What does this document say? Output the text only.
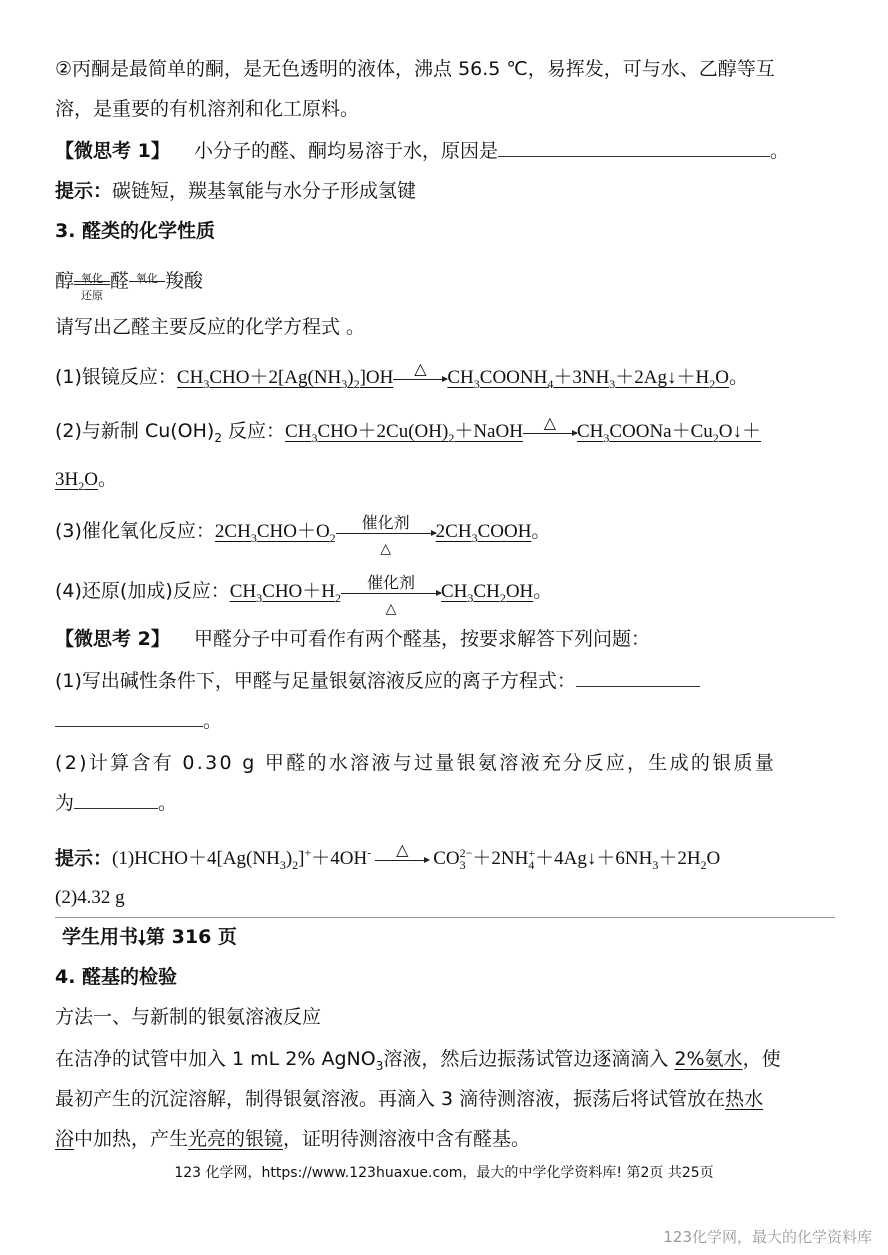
②丙酮是最简单的酮，是无色透明的液体，沸点 56.5 ℃，易挥发，可与水、乙醇等互
溶，是重要的有机溶剂和化工原料。
【微思考 1】 小分子的醛、酮均易溶于水，原因是	。
提示：碳链短，羰基氧能与水分子形成氢键
3. 醛类的化学性质
醇 氧化
还原
醛 氧化 羧酸
请写出乙醛主要反应的化学方程式 。
(1)银镜反应：$CH_3CHO+2[Ag(NH_3)_2]OH$	△	$CH_3COONH_4+3NH_3+2Ag↓+H_2O$。
(2)与新制 $Cu(OH)_2$ 反应：$CH_3CHO+2Cu(OH)_2+NaOH$	△	$CH_3COONa+Cu_2O↓+$
$3H_2O$。
(3)催化氧化反应：$2CH_3CHO+O_2$
催化剂
△
$2CH_3COOH$。
(4)还原(加成)反应：$CH_3CHO+H_2$
催化剂
△
$CH_3CH_2OH$。
【微思考 2】 甲醛分子中可看作有两个醛基，按要求解答下列问题：
(1)写出碱性条件下，甲醛与足量银氨溶液反应的离子方程式：
。
(2)计算含有 0.30 g 甲醛的水溶液与过量银氨溶液充分反应，生成的银质量
为	。
提示：$(1)HCHO+4[Ag(NH_3)_2]^++4OH^-$	△	$CO_3^{2-}+2NH_4^++4Ag↓+6NH_3+2H_2O$
(2)4.32 g
学生用书 第 316 页
4. 醛基的检验
方法一、与新制的银氨溶液反应
在洁净的试管中加入 1 mL 2% AgNO$_3$溶液，然后边振荡试管边逐滴滴入 2%氨水，使
最初产生的沉淀溶解，制得银氨溶液。再滴入 3 滴待测溶液，振荡后将试管放在热水
浴中加热，产生光亮的银镜，证明待测溶液中含有醛基。
123 化学网，https://www.123huaxue.com，最大的中学化学资料库! 第2页 共25页
123化学网，最大的化学资料库
